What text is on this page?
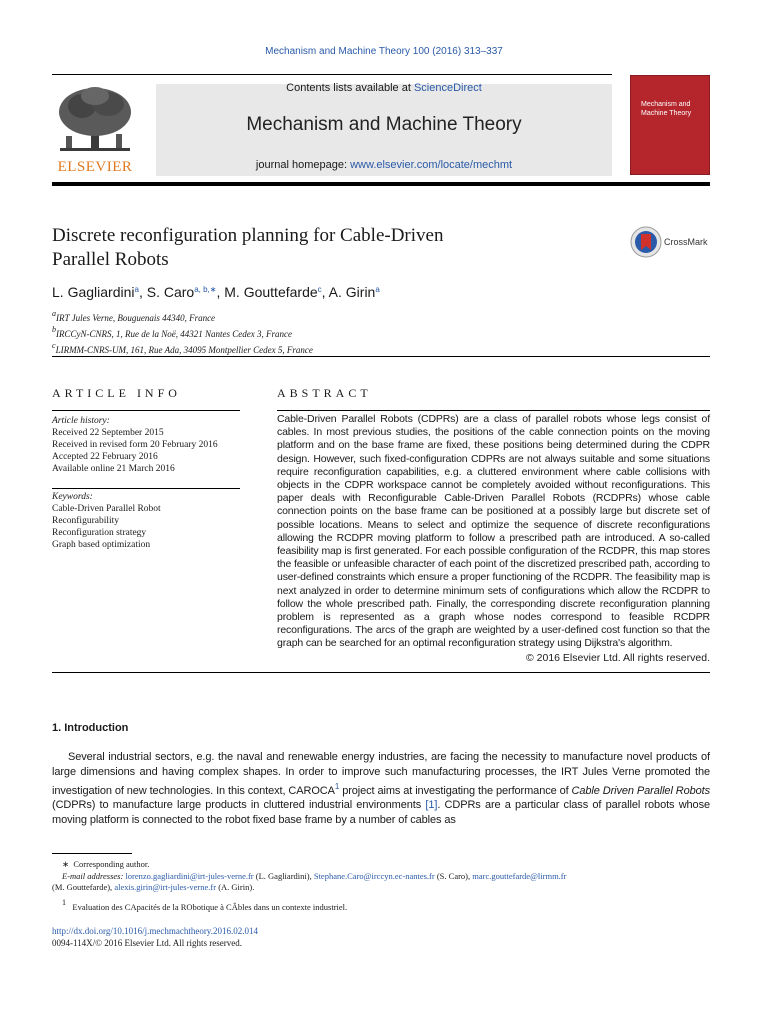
Mechanism and Machine Theory 100 (2016) 313–337
ELSEVIER
Contents lists available at ScienceDirect
Mechanism and Machine Theory
journal homepage: www.elsevier.com/locate/mechmt
Mechanism and Machine Theory
Discrete reconfiguration planning for Cable-Driven
Parallel Robots
CrossMark
L. Gagliardini$^a$, S. Caro$^{a, b,∗}$, M. Gouttefarde$^c$, A. Girin$^a$
$^a$IRT Jules Verne, Bouguenais 44340, France
$^b$IRCCyN-CNRS, 1, Rue de la Noë, 44321 Nantes Cedex 3, France
$^c$LIRMM-CNRS-UM, 161, Rue Ada, 34095 Montpellier Cedex 5, France
ARTICLE INFO	ABSTRACT
Article history:
Received 22 September 2015
Received in revised form 20 February 2016
Accepted 22 February 2016
Available online 21 March 2016
Keywords:
Cable-Driven Parallel Robot
Reconfigurability
Reconfiguration strategy
Graph based optimization
Cable-Driven Parallel Robots (CDPRs) are a class of parallel robots whose legs consist of cables. In most previous studies, the positions of the cable connection points on the moving platform and on the base frame are fixed, these positions being determined during the CDPR design. However, such fixed-configuration CDPRs are not always suitable and some situations require reconfiguration capabilities, e.g. a cluttered environment where cable collisions with objects in the CDPR workspace cannot be completely avoided without reconfigurations. This paper deals with Reconfigurable Cable-Driven Parallel Robots (RCDPRs) whose cable connection points on the base frame can be positioned at a possibly large but discrete set of possible locations. Means to select and optimize the sequence of discrete reconfigurations allowing the RCDPR moving platform to follow a prescribed path are introduced. A so-called feasibility map is first generated. For each possible configuration of the RCDPR, this map stores the feasible or unfeasible character of each point of the discretized prescribed path, according to user-defined constraints which ensure a proper functioning of the RCDPR. The feasibility map is next analyzed in order to determine minimum sets of configurations which allow the RCDPR to follow the whole prescribed path. Finally, the corresponding discrete reconfiguration planning problem is represented as a graph whose nodes correspond to feasible RCDPR reconfigurations. The arcs of the graph are weighted by a user-defined cost function so that the graph can be searched for an optimal reconfiguration strategy using Dijkstra's algorithm.
© 2016 Elsevier Ltd. All rights reserved.
1. Introduction
Several industrial sectors, e.g. the naval and renewable energy industries, are facing the necessity to manufacture novel products of large dimensions and having complex shapes. In order to improve such manufacturing processes, the IRT Jules Verne promoted the investigation of new technologies. In this context, CAROCA$^1$ project aims at investigating the performance of Cable Driven Parallel Robots (CDPRs) to manufacture large products in cluttered industrial environments [1]. CDPRs are a particular class of parallel robots whose moving platform is connected to the robot fixed base frame by a number of cables as
∗  Corresponding author.
E-mail addresses: lorenzo.gagliardini@irt-jules-verne.fr (L. Gagliardini), Stephane.Caro@irccyn.ec-nantes.fr (S. Caro), marc.gouttefarde@lirmm.fr
(M. Gouttefarde), alexis.girin@irt-jules-verne.fr (A. Girin).
$^1$ Evaluation des CApacités de la RObotique à CÂbles dans un contexte industriel.
http://dx.doi.org/10.1016/j.mechmachtheory.2016.02.014
0094-114X/© 2016 Elsevier Ltd. All rights reserved.
